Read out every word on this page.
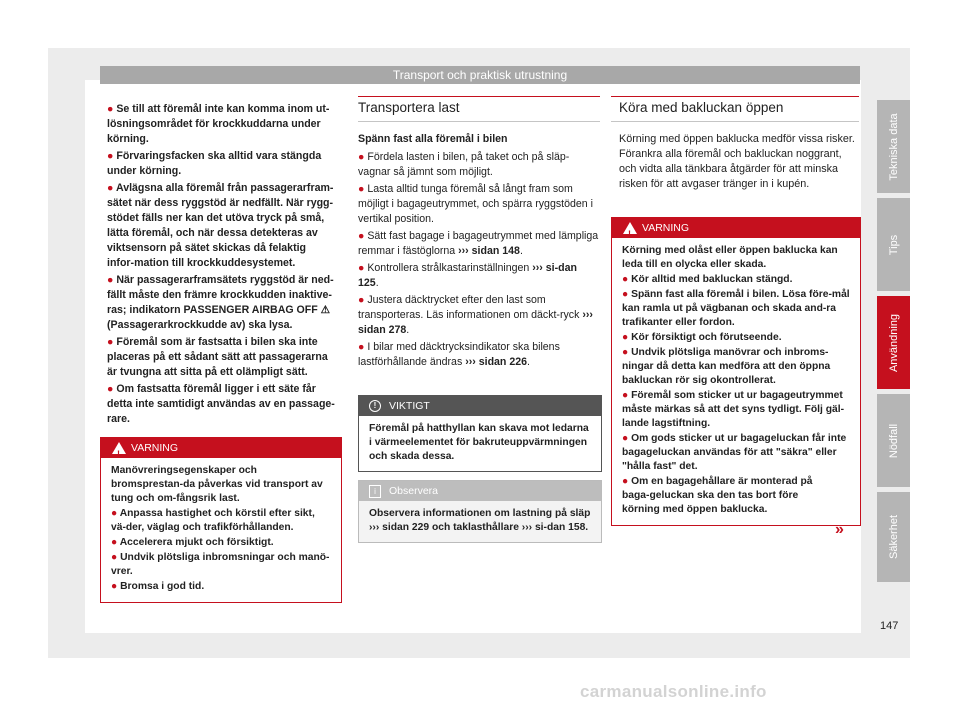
Transport och praktisk utrustning

● Se till att föremål inte kan komma inom ut-lösningsområdet för krockkuddarna under körning.

● Förvaringsfacken ska alltid vara stängda under körning.

● Avlägsna alla föremål från passagerarfram-sätet när dess ryggstöd är nedfällt. När rygg-stödet fälls ner kan det utöva tryck på små, lätta föremål, och när dessa detekteras av viktsensorn på sätet skickas då felaktig infor-mation till krockkuddesystemet.

● När passagerarframsätets ryggstöd är ned-fällt måste den främre krockkudden inaktive-ras; indikatorn PASSENGER AIRBAG OFF ⚠ (Passagerarkrockkudde av) ska lysa.

● Föremål som är fastsatta i bilen ska inte placeras på ett sådant sätt att passagerarna är tvungna att sitta på ett olämpligt sätt.

● Om fastsatta föremål ligger i ett säte får detta inte samtidigt användas av en passage-rare.

!
VARNING

Manövreringsegenskaper och bromsprestan-da påverkas vid transport av tung och om-fångsrik last.

● Anpassa hastighet och körstil efter sikt, vä-der, väglag och trafikförhållanden.

● Accelerera mjukt och försiktigt.

● Undvik plötsliga inbromsningar och manö-vrer.

● Bromsa i god tid.

Transportera last

Spänn fast alla föremål i bilen

● Fördela lasten i bilen, på taket och på släp-vagnar så jämnt som möjligt.

● Lasta alltid tunga föremål så långt fram som möjligt i bagageutrymmet, och spärra ryggstöden i vertikal position.

● Sätt fast bagage i bagageutrymmet med lämpliga remmar i fästöglorna ››› sidan 148.

● Kontrollera strålkastarinställningen ››› si-dan 125.

● Justera däcktrycket efter den last som transporteras. Läs informationen om däckt-ryck ››› sidan 278.

● I bilar med däcktrycksindikator ska bilens lastförhållande ändras ››› sidan 226.

!	VIKTIGT
Föremål på hatthyllan kan skava mot ledarna i värmeelementet för bakruteuppvärmningen och skada dessa.
i	Observera
Observera informationen om lastning på släp ››› sidan 229 och taklasthållare ››› si-dan 158.
Köra med bakluckan öppen

Körning med öppen baklucka medför vissa risker. Förankra alla föremål och bakluckan noggrant, och vidta alla tänkbara åtgärder för att minska risken för att avgaser tränger in i kupén.

!
VARNING

Körning med olåst eller öppen baklucka kan leda till en olycka eller skada.

● Kör alltid med bakluckan stängd.

● Spänn fast alla föremål i bilen. Lösa före-mål kan ramla ut på vägbanan och skada and-ra trafikanter eller fordon.

● Kör försiktigt och förutseende.

● Undvik plötsliga manövrar och inbroms-ningar då detta kan medföra att den öppna bakluckan rör sig okontrollerat.

● Föremål som sticker ut ur bagageutrymmet måste märkas så att det syns tydligt. Följ gäl-lande lagstiftning.

● Om gods sticker ut ur bagageluckan får inte bagageluckan användas för att "säkra" eller "hålla fast" det.

● Om en bagagehållare är monterad på baga-geluckan ska den tas bort före körning med öppen baklucka.

»
Tekniska data
Tips
Användning
Nödfall
Säkerhet
147
carmanualsonline.info
